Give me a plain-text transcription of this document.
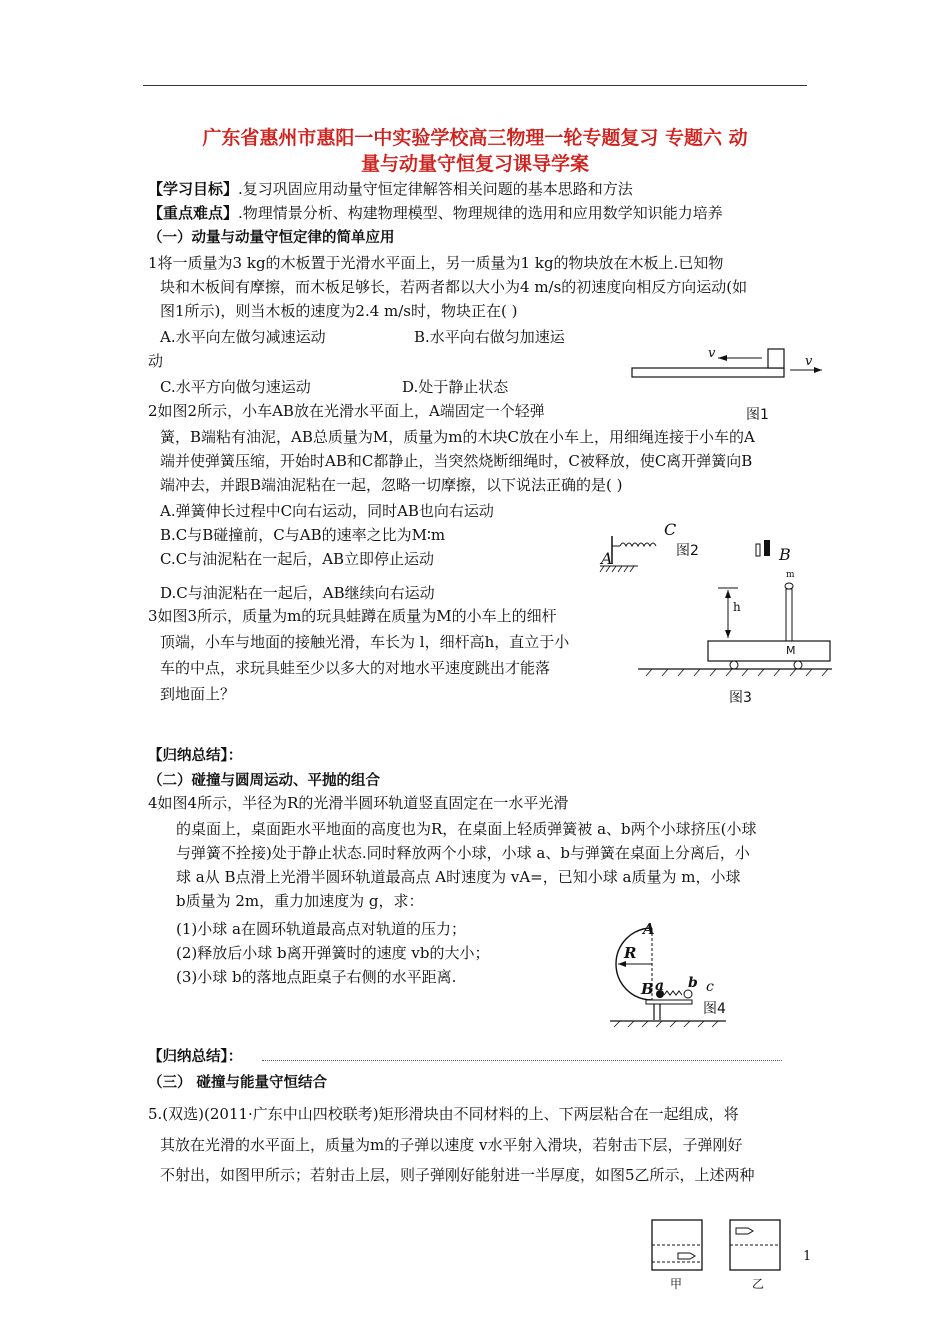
广东省惠州市惠阳一中实验学校高三物理一轮专题复习 专题六 动
量与动量守恒复习课导学案
【学习目标】.复习巩固应用动量守恒定律解答相关问题的基本思路和方法
【重点难点】.物理情景分析、构建物理模型、物理规律的选用和应用数学知识能力培养
（一）动量与动量守恒定律的简单应用
1将一质量为3 kg的木板置于光滑水平面上，另一质量为1 kg的物块放在木板上.已知物
块和木板间有摩擦，而木板足够长，若两者都以大小为4 m/s的初速度向相反方向运动(如
图1所示)，则当木板的速度为2.4 m/s时，物块正在( )
A.水平向左做匀减速运动	B.水平向右做匀加速运
动
C.水平方向做匀速运动	D.处于静止状态
v
v
图1
2如图2所示，小车AB放在光滑水平面上，A端固定一个轻弹
簧，B端粘有油泥，AB总质量为M，质量为m的木块C放在小车上，用细绳连接于小车的A
端并使弹簧压缩，开始时AB和C都静止，当突然烧断细绳时，C被释放，使C离开弹簧向B
端冲去，并跟B端油泥粘在一起，忽略一切摩擦，以下说法正确的是( )
A.弹簧伸长过程中C向右运动，同时AB也向右运动
B.C与B碰撞前，C与AB的速率之比为M∶m
C.C与油泥粘在一起后，AB立即停止运动
D.C与油泥粘在一起后，AB继续向右运动
A
C
B
图2
3如图3所示，质量为m的玩具蛙蹲在质量为M的小车上的细杆
顶端，小车与地面的接触光滑，车长为 l，细杆高h，直立于小
车的中点，求玩具蛙至少以多大的对地水平速度跳出才能落
到地面上？
h
M
m
图3
【归纳总结】：
（二）碰撞与圆周运动、平抛的组合
4如图4所示，半径为R的光滑半圆环轨道竖直固定在一水平光滑
的桌面上，桌面距水平地面的高度也为R，在桌面上轻质弹簧被 a、b两个小球挤压(小球
与弹簧不拴接)处于静止状态.同时释放两个小球，小球 a、b与弹簧在桌面上分离后，小
球 a从 B点滑上光滑半圆环轨道最高点 A时速度为 vA=，已知小球 a质量为 m，小球
b质量为 2m，重力加速度为 g，求：
(1)小球 a在圆环轨道最高点对轨道的压力；
(2)释放后小球 b离开弹簧时的速度 vb的大小；
(3)小球 b的落地点距桌子右侧的水平距离.
A
R
B a b c
图4
【归纳总结】：
（三） 碰撞与能量守恒结合
5.(双选)(2011·广东中山四校联考)矩形滑块由不同材料的上、下两层粘合在一起组成，将
其放在光滑的水平面上，质量为m的子弹以速度 v水平射入滑块，若射击下层，子弹刚好
不射出，如图甲所示；若射击上层，则子弹刚好能射进一半厚度，如图5乙所示，上述两种
甲	乙
1
